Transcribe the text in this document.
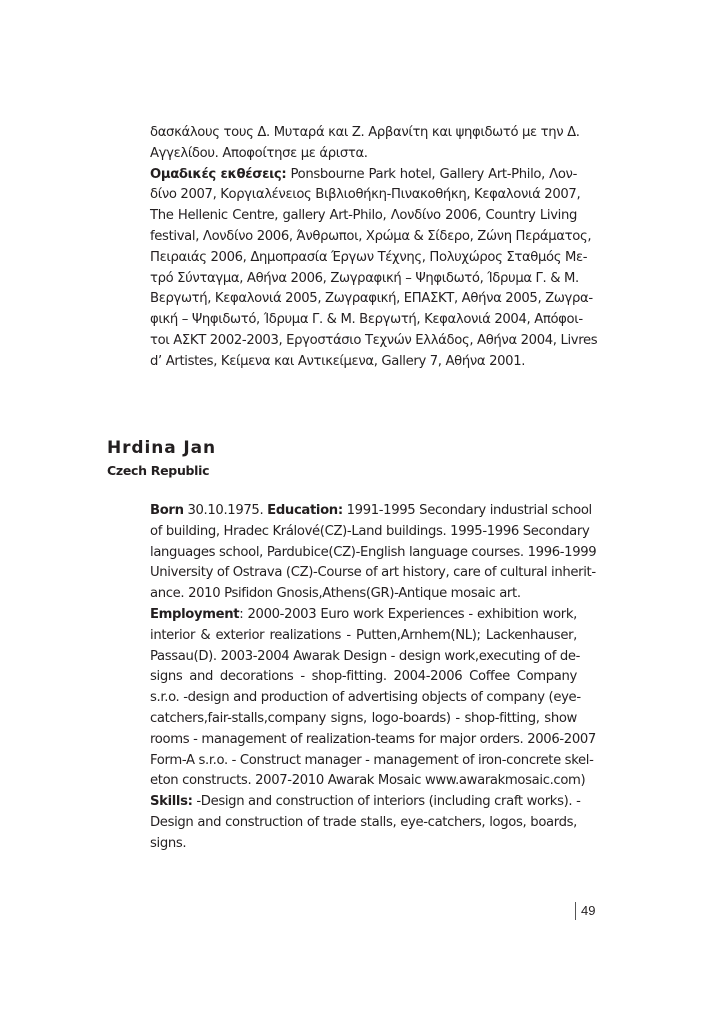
δασκάλους τους Δ. Μυταρά και Ζ. Αρβανίτη και ψηφιδωτό με την Δ.
Αγγελίδου. Αποφοίτησε με άριστα.
Ομαδικές εκθέσεις: Ponsbourne Park hotel, Gallery Art-Philo, Λον-
δίνο 2007, Κοργιαλένειος Βιβλιοθήκη-Πινακοθήκη, Κεφαλονιά 2007,
The Hellenic Centre, gallery Art-Philo, Λονδίνο 2006, Country Living
festival, Λονδίνο 2006, Άνθρωποι, Χρώμα & Σίδερο, Ζώνη Περάματος,
Πειραιάς 2006, Δημοπρασία Έργων Τέχνης, Πολυχώρος Σταθμός Με-
τρό Σύνταγμα, Αθήνα 2006, Ζωγραφική – Ψηφιδωτό, Ίδρυμα Γ. & Μ.
Βεργωτή, Κεφαλονιά 2005, Ζωγραφική, ΕΠΑΣΚΤ, Αθήνα 2005, Ζωγρα-
φική – Ψηφιδωτό, Ίδρυμα Γ. & Μ. Βεργωτή, Κεφαλονιά 2004, Απόφοι-
τοι ΑΣΚΤ 2002-2003, Εργοστάσιο Τεχνών Ελλάδος, Αθήνα 2004, Livres
d’ Artistes, Κείμενα και Αντικείμενα, Gallery 7, Αθήνα 2001.
Hrdina Jan
Czech Republic
Born 30.10.1975. Education: 1991-1995 Secondary industrial school
of building, Hradec Králové(CZ)-Land buildings. 1995-1996 Secondary
languages school, Pardubice(CZ)-English language courses. 1996-1999
University of Ostrava (CZ)-Course of art history, care of cultural inherit-
ance. 2010 Psifidon Gnosis,Athens(GR)-Antique mosaic art.
Employment: 2000-2003 Euro work Experiences - exhibition work,
interior & exterior realizations - Putten,Arnhem(NL); Lackenhauser,
Passau(D). 2003-2004 Awarak Design - design work,executing of de-
signs and decorations - shop-fitting. 2004-2006 Coffee Company
s.r.o. -design and production of advertising objects of company (eye-
catchers,fair-stalls,company signs, logo-boards) - shop-fitting, show
rooms - management of realization-teams for major orders. 2006-2007
Form-A s.r.o. - Construct manager - management of iron-concrete skel-
eton constructs. 2007-2010 Awarak Mosaic www.awarakmosaic.com)
Skills: -Design and construction of interiors (including craft works). -
Design and construction of trade stalls, eye-catchers, logos, boards,
signs.
49
